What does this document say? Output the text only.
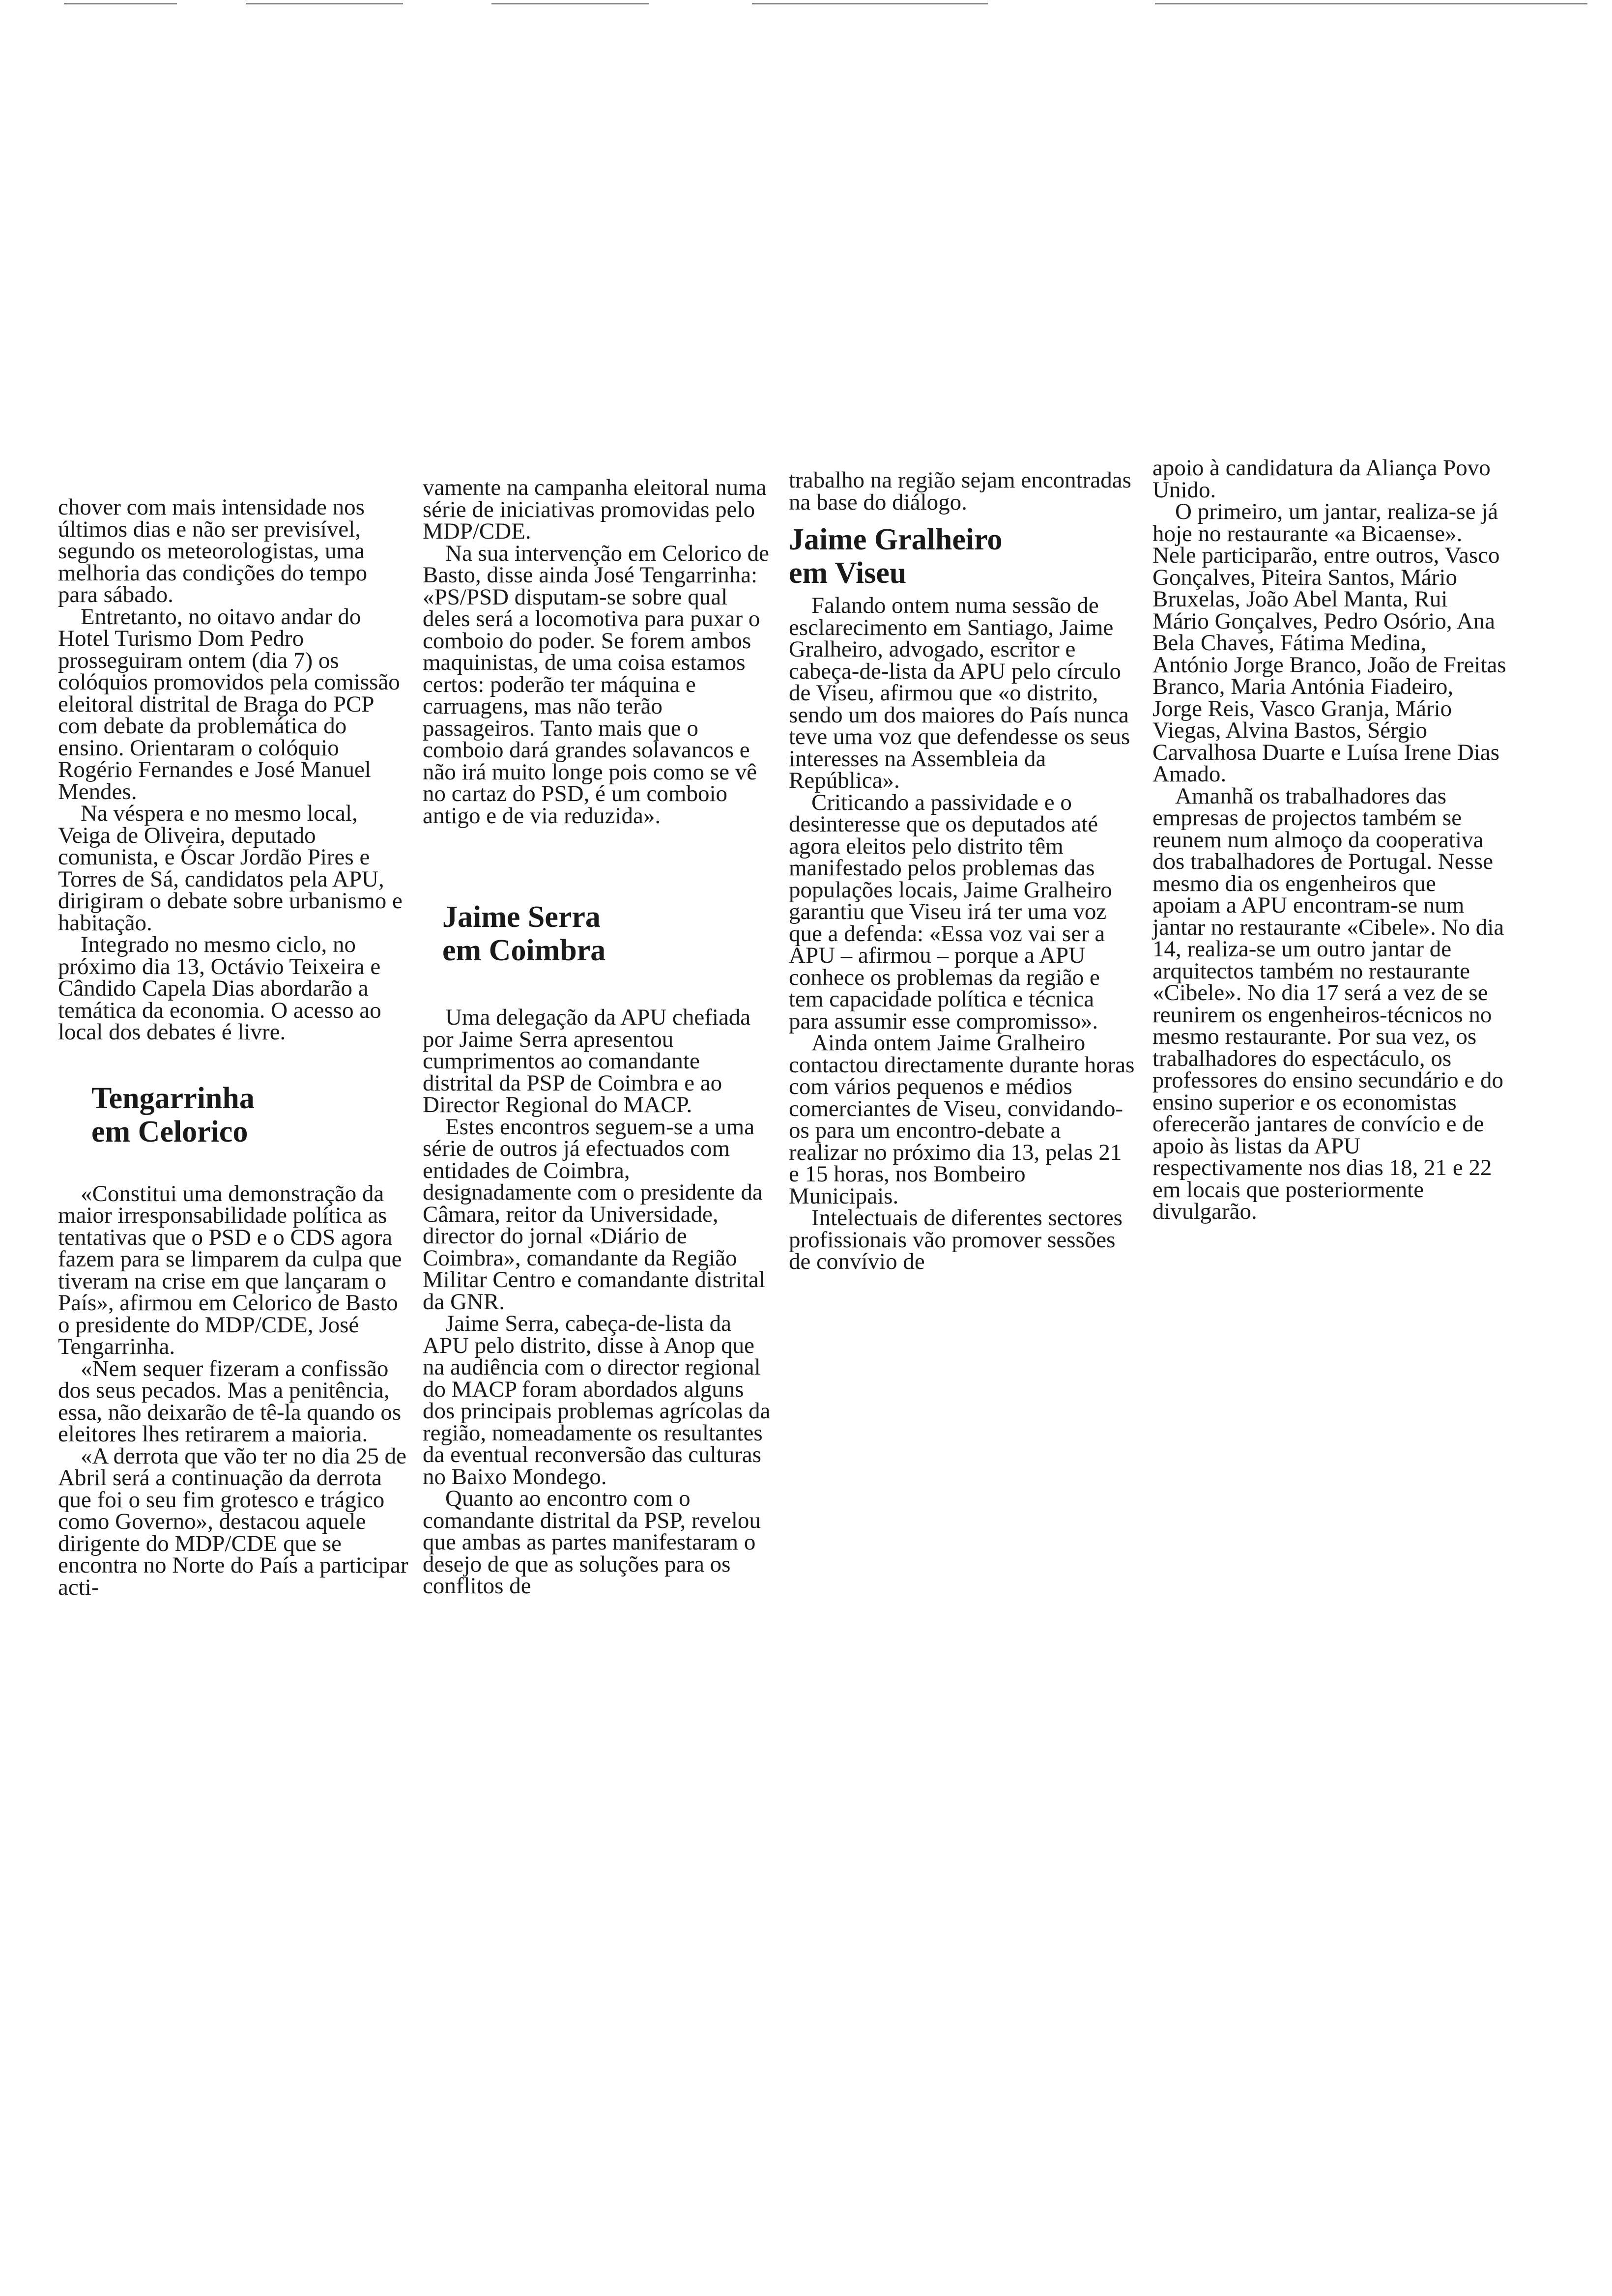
chover com mais intensidade nos últimos dias e não ser previsível, segundo os meteorologistas, uma melhoria das condições do tempo para sábado.

Entretanto, no oitavo andar do Hotel Turismo Dom Pedro prosseguiram ontem (dia 7) os colóquios promovidos pela comissão eleitoral distrital de Braga do PCP com debate da problemática do ensino. Orientaram o colóquio Rogério Fernandes e José Manuel Mendes.

Na véspera e no mesmo local, Veiga de Oliveira, deputado comunista, e Óscar Jordão Pires e Torres de Sá, candidatos pela APU, dirigiram o debate sobre urbanismo e habitação.

Integrado no mesmo ciclo, no próximo dia 13, Octávio Teixeira e Cândido Capela Dias abordarão a temática da economia. O acesso ao local dos debates é livre.

Tengarrinha
em Celorico

«Constitui uma demonstração da maior irresponsabilidade política as tentativas que o PSD e o CDS agora fazem para se limparem da culpa que tiveram na crise em que lançaram o País», afirmou em Celorico de Basto o presidente do MDP/CDE, José Tengarrinha.

«Nem sequer fizeram a confissão dos seus pecados. Mas a penitência, essa, não deixarão de tê-la quando os eleitores lhes retirarem a maioria.

«A derrota que vão ter no dia 25 de Abril será a continuação da derrota que foi o seu fim grotesco e trágico como Governo», destacou aquele dirigente do MDP/CDE que se encontra no Norte do País a participar acti-

vamente na campanha eleitoral numa série de iniciativas promovidas pelo MDP/CDE.

Na sua intervenção em Celorico de Basto, disse ainda José Tengarrinha: «PS/PSD disputam-se sobre qual deles será a locomotiva para puxar o comboio do poder. Se forem ambos maquinistas, de uma coisa estamos certos: poderão ter máquina e carruagens, mas não terão passageiros. Tanto mais que o comboio dará grandes solavancos e não irá muito longe pois como se vê no cartaz do PSD, é um comboio antigo e de via reduzida».

Jaime Serra
em Coimbra

Uma delegação da APU chefiada por Jaime Serra apresentou cumprimentos ao comandante distrital da PSP de Coimbra e ao Director Regional do MACP.

Estes encontros seguem-se a uma série de outros já efectuados com entidades de Coimbra, designadamente com o presidente da Câmara, reitor da Universidade, director do jornal «Diário de Coimbra», comandante da Região Militar Centro e comandante distrital da GNR.

Jaime Serra, cabeça-de-lista da APU pelo distrito, disse à Anop que na audiência com o director regional do MACP foram abordados alguns dos principais problemas agrícolas da região, nomeadamente os resultantes da eventual reconversão das culturas no Baixo Mondego.

Quanto ao encontro com o comandante distrital da PSP, revelou que ambas as partes manifestaram o desejo de que as soluções para os conflitos de

trabalho na região sejam encontradas na base do diálogo.

Jaime Gralheiro
em Viseu

Falando ontem numa sessão de esclarecimento em Santiago, Jaime Gralheiro, advogado, escritor e cabeça-de-lista da APU pelo círculo de Viseu, afirmou que «o distrito, sendo um dos maiores do País nunca teve uma voz que defendesse os seus interesses na Assembleia da República».

Criticando a passividade e o desinteresse que os deputados até agora eleitos pelo distrito têm manifestado pelos problemas das populações locais, Jaime Gralheiro garantiu que Viseu irá ter uma voz que a defenda: «Essa voz vai ser a APU – afirmou – porque a APU conhece os problemas da região e tem capacidade política e técnica para assumir esse compromisso».

Ainda ontem Jaime Gralheiro contactou directamente durante horas com vários pequenos e médios comerciantes de Viseu, convidando-os para um encontro-debate a realizar no próximo dia 13, pelas 21 e 15 horas, nos Bombeiro Municipais.

Intelectuais de diferentes sectores profissionais vão promover sessões de convívio de

apoio à candidatura da Aliança Povo Unido.

O primeiro, um jantar, realiza-se já hoje no restaurante «a Bicaense». Nele participarão, entre outros, Vasco Gonçalves, Piteira Santos, Mário Bruxelas, João Abel Manta, Rui Mário Gonçalves, Pedro Osório, Ana Bela Chaves, Fátima Medina, António Jorge Branco, João de Freitas Branco, Maria Antónia Fiadeiro, Jorge Reis, Vasco Granja, Mário Viegas, Alvina Bastos, Sérgio Carvalhosa Duarte e Luísa Irene Dias Amado.

Amanhã os trabalhadores das empresas de projectos também se reunem num almoço da cooperativa dos trabalhadores de Portugal. Nesse mesmo dia os engenheiros que apoiam a APU encontram-se num jantar no restaurante «Cibele». No dia 14, realiza-se um outro jantar de arquitectos também no restaurante «Cibele». No dia 17 será a vez de se reunirem os engenheiros-técnicos no mesmo restaurante. Por sua vez, os trabalhadores do espectáculo, os professores do ensino secundário e do ensino superior e os economistas oferecerão jantares de convício e de apoio às listas da APU respectivamente nos dias 18, 21 e 22 em locais que posteriormente divulgarão.
